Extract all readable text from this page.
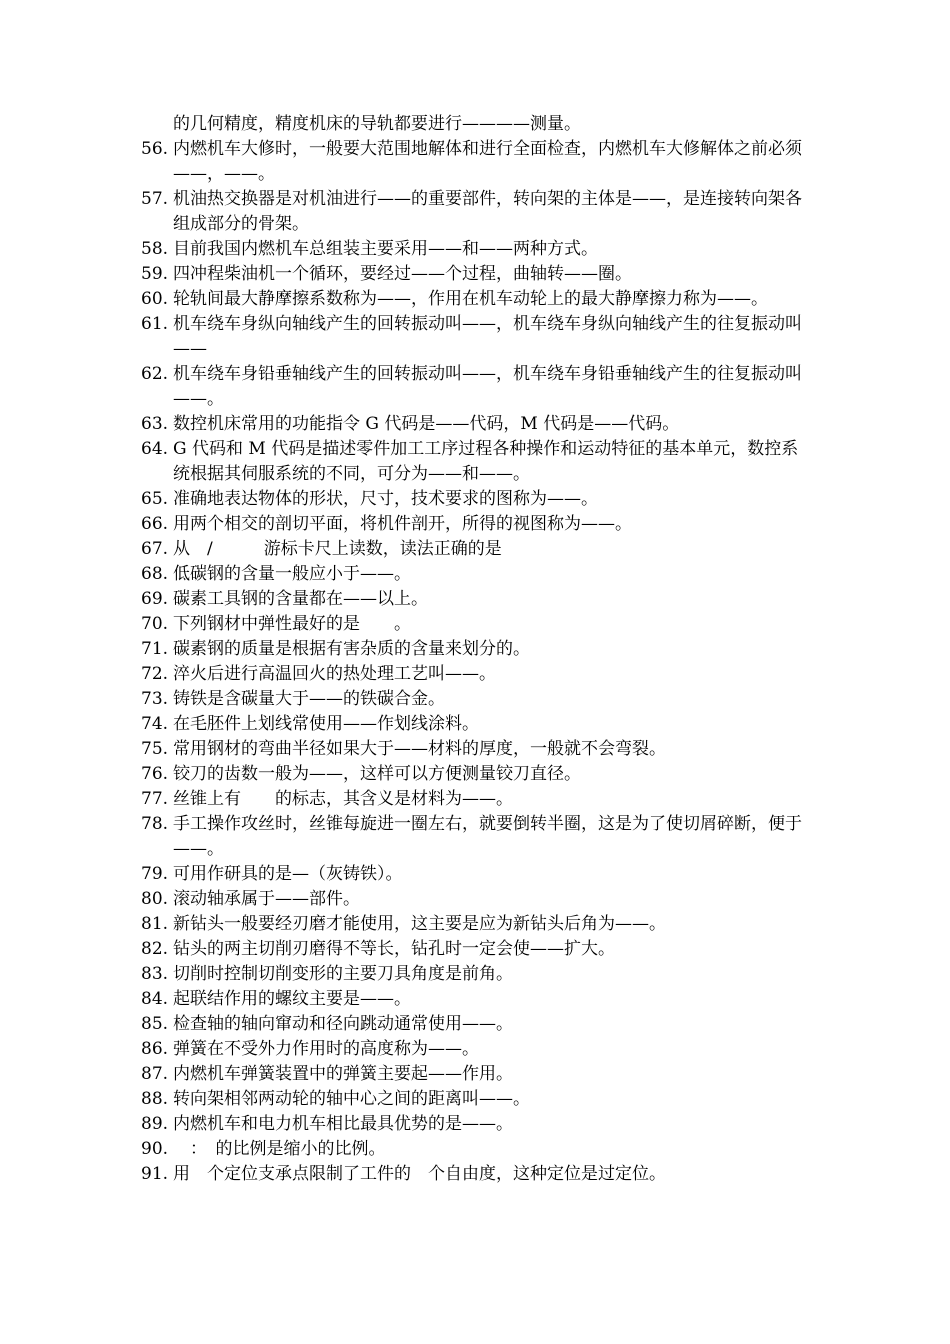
的几何精度，精度机床的导轨都要进行————测量。
56. 内燃机车大修时，一般要大范围地解体和进行全面检查，内燃机车大修解体之前必须——，——。
57. 机油热交换器是对机油进行——的重要部件，转向架的主体是——，是连接转向架各组成部分的骨架。
58. 目前我国内燃机车总组装主要采用——和——两种方式。
59. 四冲程柴油机一个循环，要经过——个过程，曲轴转——圈。
60. 轮轨间最大静摩擦系数称为——，作用在机车动轮上的最大静摩擦力称为——。
61. 机车绕车身纵向轴线产生的回转振动叫——，机车绕车身纵向轴线产生的往复振动叫——
62. 机车绕车身铅垂轴线产生的回转振动叫——，机车绕车身铅垂轴线产生的往复振动叫——。
63. 数控机床常用的功能指令 G 代码是——代码，M 代码是——代码。
64. G 代码和 M 代码是描述零件加工工序过程各种操作和运动特征的基本单元，数控系统根据其伺服系统的不同，可分为——和——。
65. 准确地表达物体的形状，尺寸，技术要求的图称为——。
66. 用两个相交的剖切平面，将机件剖开，所得的视图称为——。
67. 从　/　　　游标卡尺上读数，读法正确的是
68. 低碳钢的含量一般应小于——。
69. 碳素工具钢的含量都在——以上。
70. 下列钢材中弹性最好的是　　。
71. 碳素钢的质量是根据有害杂质的含量来划分的。
72. 淬火后进行高温回火的热处理工艺叫——。
73. 铸铁是含碳量大于——的铁碳合金。
74. 在毛胚件上划线常使用——作划线涂料。
75. 常用钢材的弯曲半径如果大于——材料的厚度，一般就不会弯裂。
76. 铰刀的齿数一般为——，这样可以方便测量铰刀直径。
77. 丝锥上有　　的标志，其含义是材料为——。
78. 手工操作攻丝时，丝锥每旋进一圈左右，就要倒转半圈，这是为了使切屑碎断，便于——。
79. 可用作研具的是—（灰铸铁）。
80. 滚动轴承属于——部件。
81. 新钻头一般要经刃磨才能使用，这主要是应为新钻头后角为——。
82. 钻头的两主切削刃磨得不等长，钻孔时一定会使——扩大。
83. 切削时控制切削变形的主要刀具角度是前角。
84. 起联结作用的螺纹主要是——。
85. 检查轴的轴向窜动和径向跳动通常使用——。
86. 弹簧在不受外力作用时的高度称为——。
87. 内燃机车弹簧装置中的弹簧主要起——作用。
88. 转向架相邻两动轮的轴中心之间的距离叫——。
89. 内燃机车和电力机车相比最具优势的是——。
90. 　：　的比例是缩小的比例。
91. 用　个定位支承点限制了工件的　个自由度，这种定位是过定位。
